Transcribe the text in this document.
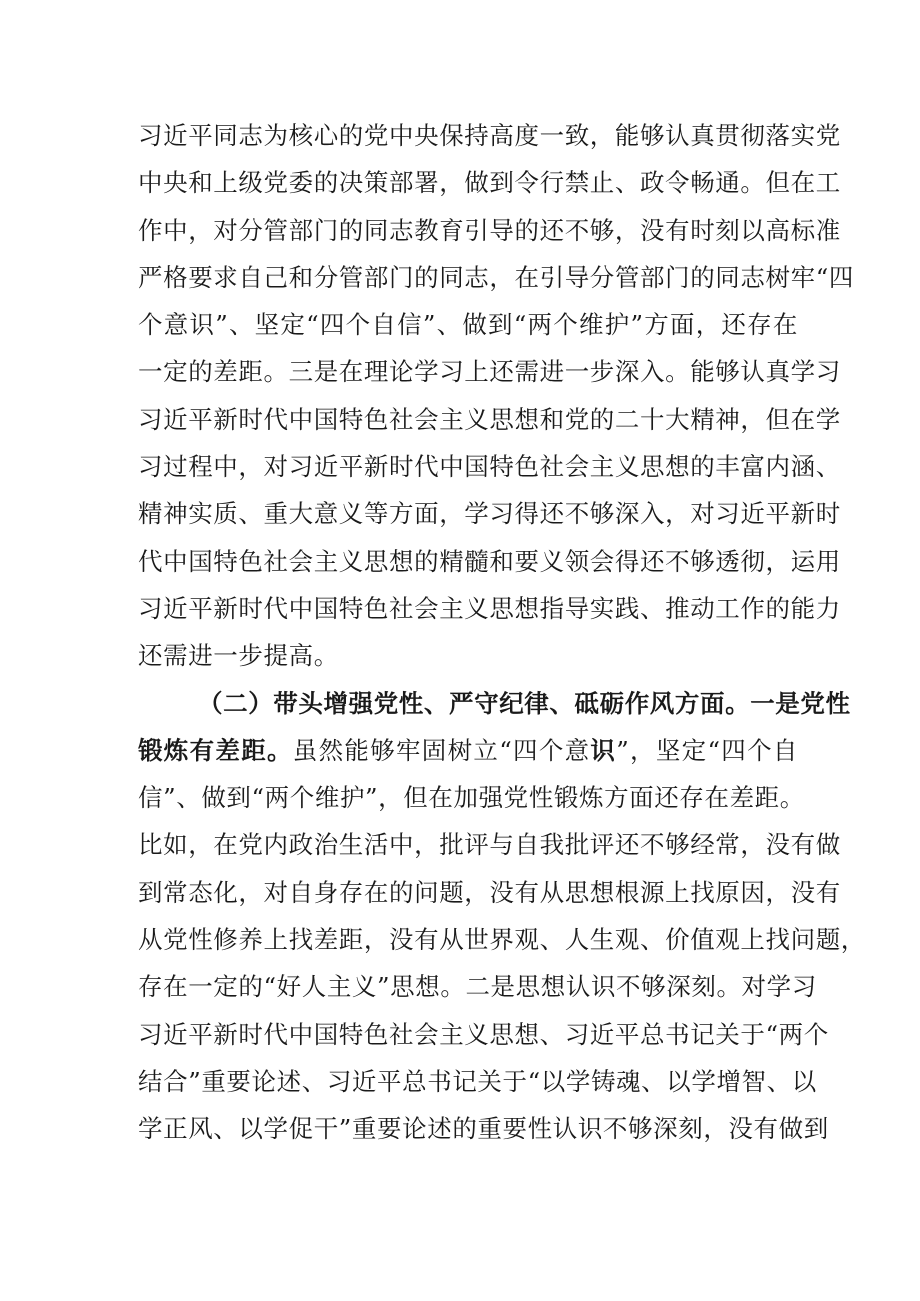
习近平同志为核心的党中央保持高度一致，能够认真贯彻落实党
中央和上级党委的决策部署，做到令行禁止、政令畅通。但在工
作中，对分管部门的同志教育引导的还不够，没有时刻以高标准
严格要求自己和分管部门的同志，在引导分管部门的同志树牢“四
个意识”、坚定“四个自信”、做到“两个维护”方面，还存在
一定的差距。三是在理论学习上还需进一步深入。能够认真学习
习近平新时代中国特色社会主义思想和党的二十大精神，但在学
习过程中，对习近平新时代中国特色社会主义思想的丰富内涵、
精神实质、重大意义等方面，学习得还不够深入，对习近平新时
代中国特色社会主义思想的精髓和要义领会得还不够透彻，运用
习近平新时代中国特色社会主义思想指导实践、推动工作的能力
还需进一步提高。
（二）带头增强党性、严守纪律、砥砺作风方面。一是党性
锻炼有差距。虽然能够牢固树立“四个意识”，坚定“四个自
信”、做到“两个维护”，但在加强党性锻炼方面还存在差距。
比如，在党内政治生活中，批评与自我批评还不够经常，没有做
到常态化，对自身存在的问题，没有从思想根源上找原因，没有
从党性修养上找差距，没有从世界观、人生观、价值观上找问题，
存在一定的“好人主义”思想。二是思想认识不够深刻。对学习
习近平新时代中国特色社会主义思想、习近平总书记关于“两个
结合”重要论述、习近平总书记关于“以学铸魂、以学增智、以
学正风、以学促干”重要论述的重要性认识不够深刻，没有做到
